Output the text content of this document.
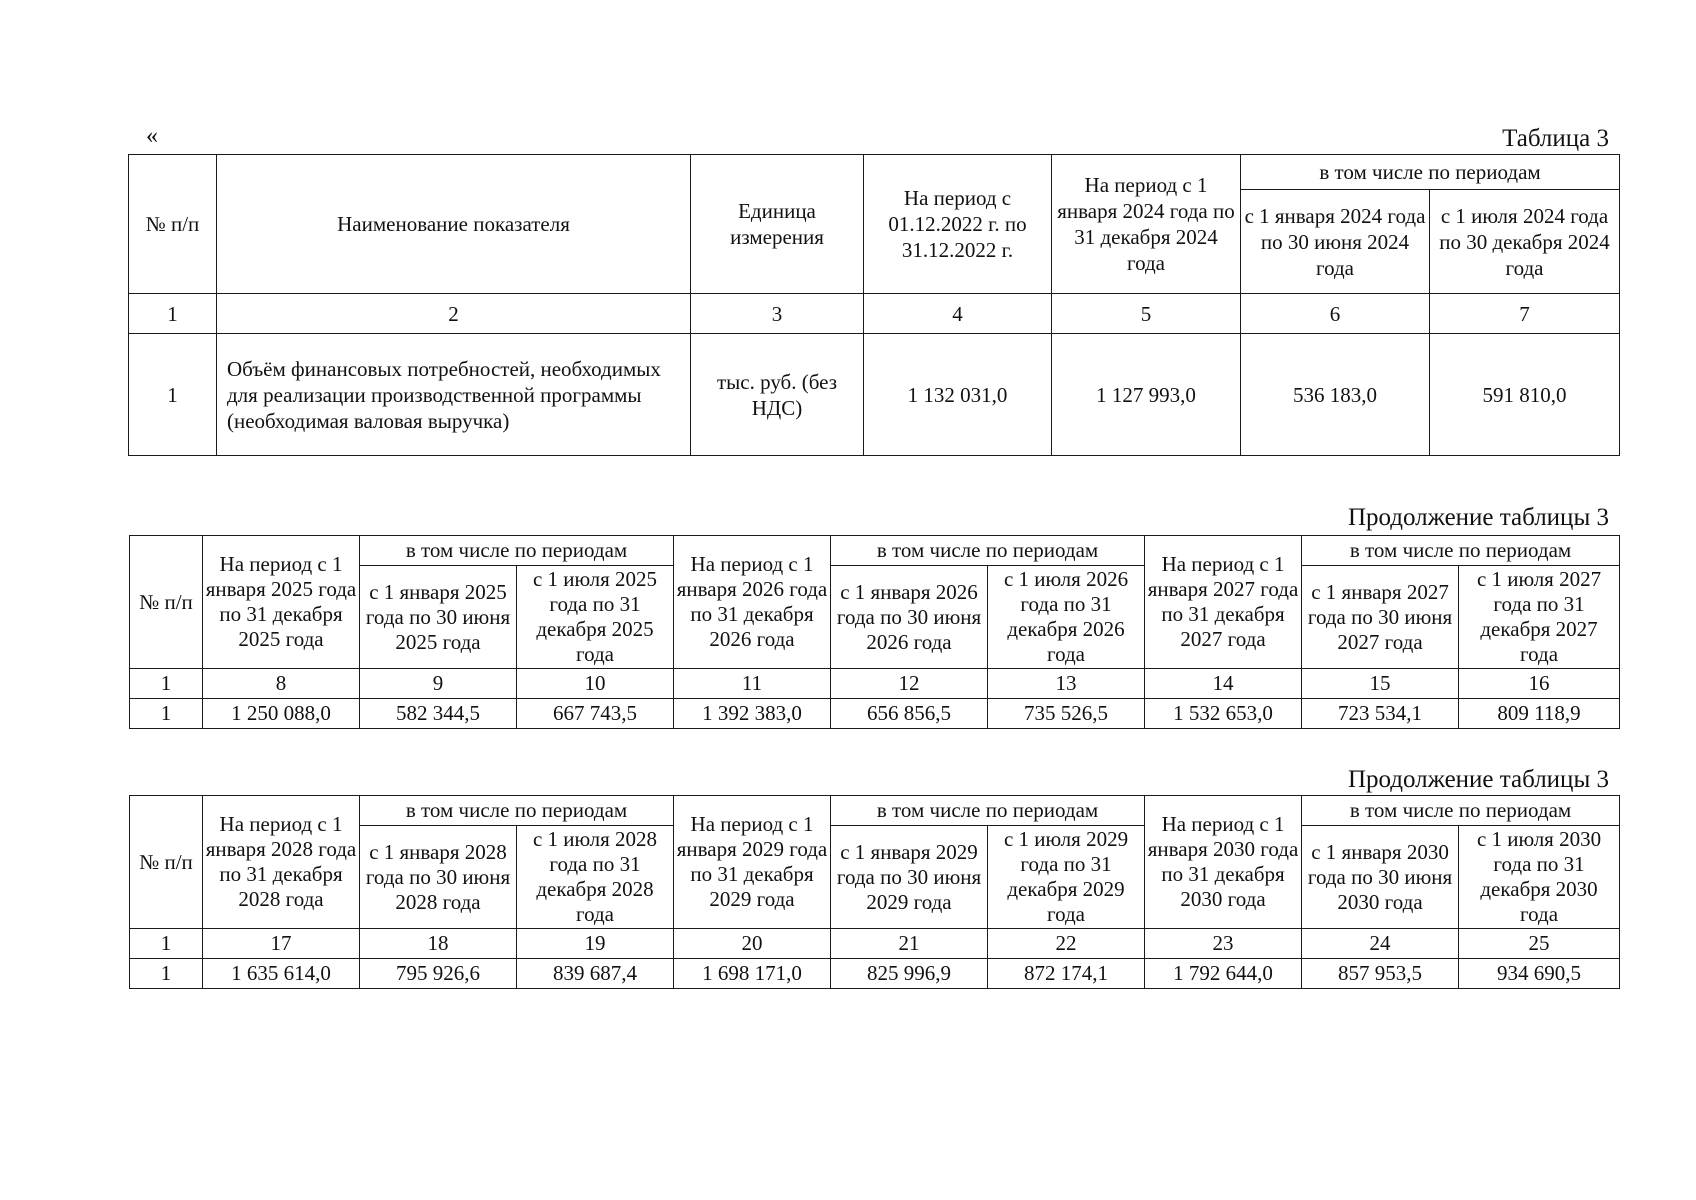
«	Таблица 3
№ п/п	Наименование показателя	Единица измерения	На период с 01.12.2022 г. по 31.12.2022 г.	На период с 1 января 2024 года по 31 декабря 2024 года	в том числе по периодам	
					с 1 января 2024 года по 30 июня 2024 года	с 1 июля 2024 года по 30 декабря 2024 года
1	2	3	4	5	6	7
1	Объём финансовых потребностей, необходимых для реализации производственной программы (необходимая валовая выручка)	тыс. руб. (без НДС)	1 132 031,0	1 127 993,0	536 183,0	591 810,0
Продолжение таблицы 3
№ п/п	На период с 1 января 2025 года по 31 декабря 2025 года	в том числе по периодам		На период с 1 января 2026 года по 31 декабря 2026 года	в том числе по периодам		На период с 1 января 2027 года по 31 декабря 2027 года	в том числе по периодам	
		с 1 января 2025 года по 30 июня 2025 года	с 1 июля 2025 года по 31 декабря 2025 года		с 1 января 2026 года по 30 июня 2026 года	с 1 июля 2026 года по 31 декабря 2026 года		с 1 января 2027 года по 30 июня 2027 года	с 1 июля 2027 года по 31 декабря 2027 года
1	8	9	10	11	12	13	14	15	16
1	1 250 088,0	582 344,5	667 743,5	1 392 383,0	656 856,5	735 526,5	1 532 653,0	723 534,1	809 118,9
Продолжение таблицы 3
№ п/п	На период с 1 января 2028 года по 31 декабря 2028 года	в том числе по периодам		На период с 1 января 2029 года по 31 декабря 2029 года	в том числе по периодам		На период с 1 января 2030 года по 31 декабря 2030 года	в том числе по периодам	
		с 1 января 2028 года по 30 июня 2028 года	с 1 июля 2028 года по 31 декабря 2028 года		с 1 января 2029 года по 30 июня 2029 года	с 1 июля 2029 года по 31 декабря 2029 года		с 1 января 2030 года по 30 июня 2030 года	с 1 июля 2030 года по 31 декабря 2030 года
1	17	18	19	20	21	22	23	24	25
1	1 635 614,0	795 926,6	839 687,4	1 698 171,0	825 996,9	872 174,1	1 792 644,0	857 953,5	934 690,5
